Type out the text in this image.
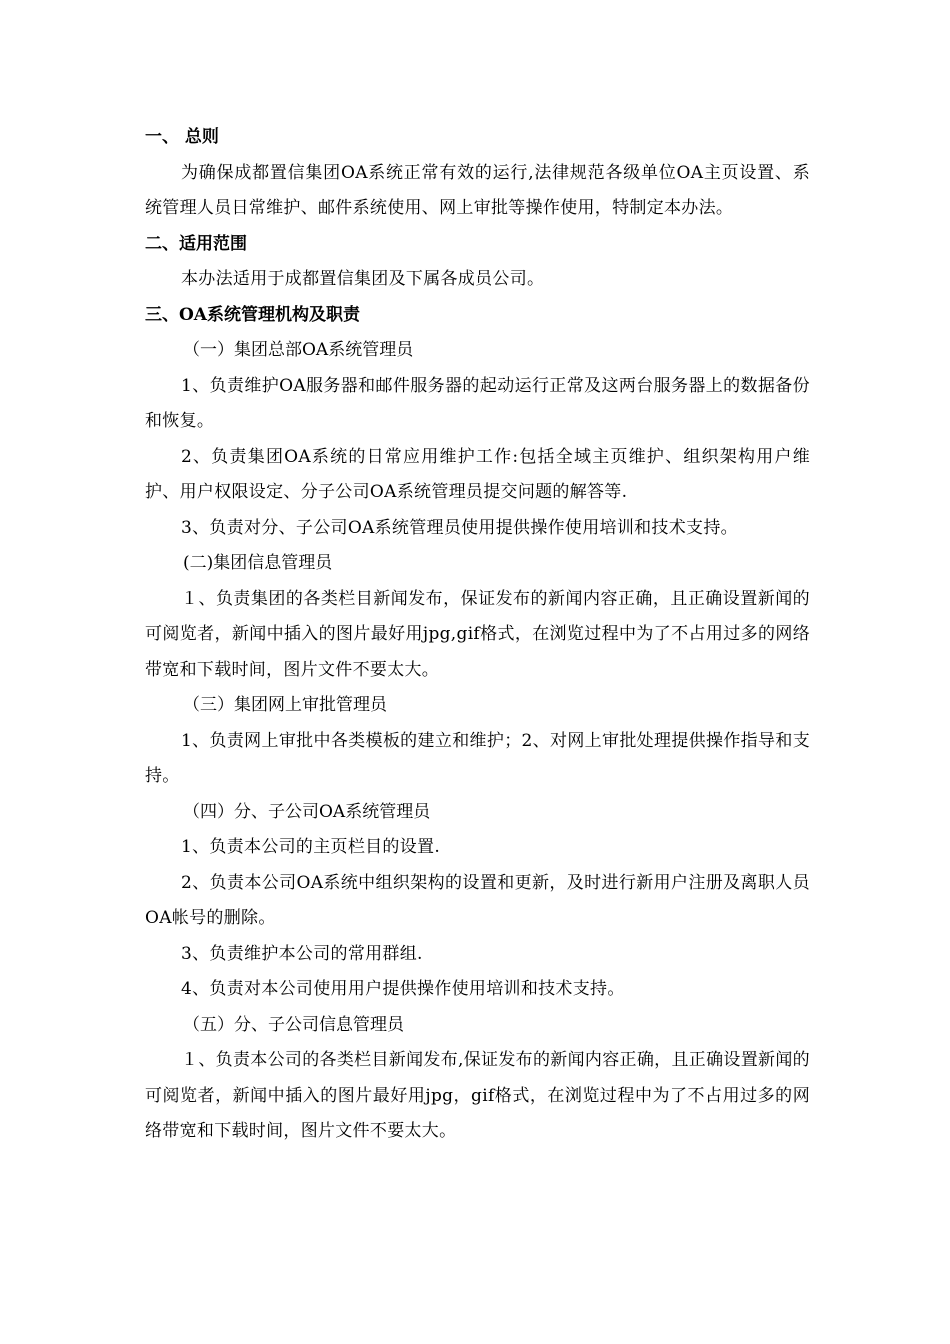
一、 总则

为确保成都置信集团OA系统正常有效的运行,法律规范各级单位OA主页设置、系统管理人员日常维护、邮件系统使用、网上审批等操作使用，特制定本办法。

二、适用范围

本办法适用于成都置信集团及下属各成员公司。

三、OA系统管理机构及职责

（一）集团总部OA系统管理员

1、负责维护OA服务器和邮件服务器的起动运行正常及这两台服务器上的数据备份和恢复。

2、负责集团OA系统的日常应用维护工作:包括全域主页维护、组织架构用户维护、用户权限设定、分子公司OA系统管理员提交问题的解答等.

3、负责对分、子公司OA系统管理员使用提供操作使用培训和技术支持。

(二)集团信息管理员

１、负责集团的各类栏目新闻发布，保证发布的新闻内容正确，且正确设置新闻的可阅览者，新闻中插入的图片最好用jpg,gif格式，在浏览过程中为了不占用过多的网络带宽和下载时间，图片文件不要太大。

（三）集团网上审批管理员

1、负责网上审批中各类模板的建立和维护；2、对网上审批处理提供操作指导和支持。

（四）分、子公司OA系统管理员

1、负责本公司的主页栏目的设置.

2、负责本公司OA系统中组织架构的设置和更新，及时进行新用户注册及离职人员OA帐号的删除。

3、负责维护本公司的常用群组.

4、负责对本公司使用用户提供操作使用培训和技术支持。

（五）分、子公司信息管理员

１、负责本公司的各类栏目新闻发布,保证发布的新闻内容正确，且正确设置新闻的可阅览者，新闻中插入的图片最好用jpg，gif格式，在浏览过程中为了不占用过多的网络带宽和下载时间，图片文件不要太大。
